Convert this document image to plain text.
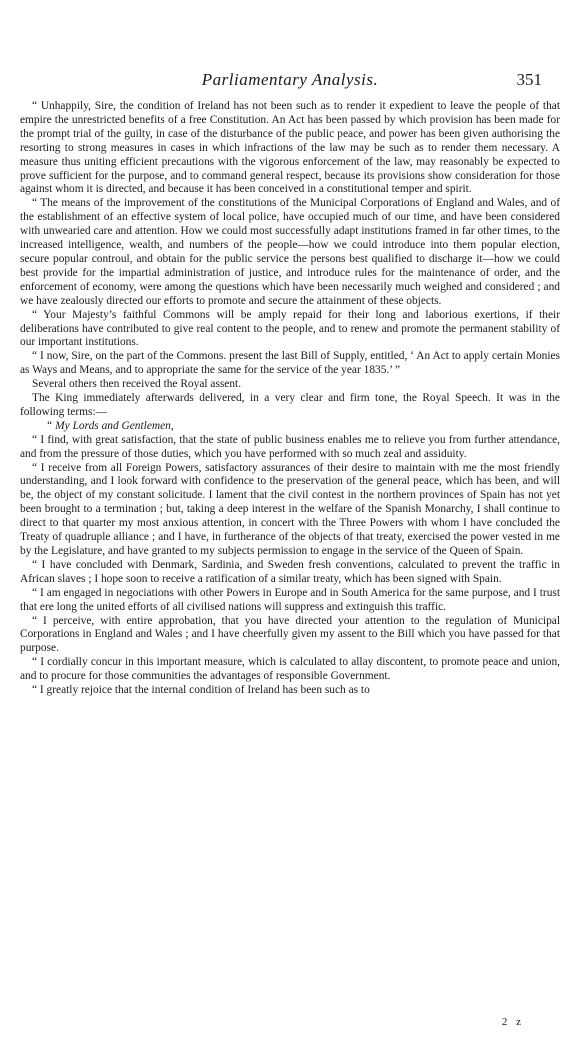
Parliamentary Analysis.	351

“ Unhappily, Sire, the condition of Ireland has not been such as to render it expedient to leave the people of that empire the unrestricted benefits of a free Constitution. An Act has been passed by which provision has been made for the prompt trial of the guilty, in case of the disturbance of the public peace, and power has been given authorising the resorting to strong measures in cases in which infractions of the law may be such as to render them necessary. A measure thus uniting efficient precautions with the vigorous enforcement of the law, may reasonably be expected to prove sufficient for the purpose, and to command general respect, because its provisions show consideration for those against whom it is directed, and because it has been conceived in a constitutional temper and spirit.

“ The means of the improvement of the constitutions of the Municipal Corporations of England and Wales, and of the establishment of an effective system of local police, have occupied much of our time, and have been considered with unwearied care and attention. How we could most successfully adapt institutions framed in far other times, to the increased intelligence, wealth, and numbers of the people—how we could introduce into them popular election, secure popular controul, and obtain for the public service the persons best qualified to discharge it—how we could best provide for the impartial administration of justice, and introduce rules for the maintenance of order, and the enforcement of economy, were among the questions which have been necessarily much weighed and considered ; and we have zealously directed our efforts to promote and secure the attainment of these objects.

“ Your Majesty’s faithful Commons will be amply repaid for their long and laborious exertions, if their deliberations have contributed to give real content to the people, and to renew and promote the permanent stability of our important institutions.

“ I now, Sire, on the part of the Commons. present the last Bill of Supply, entitled, ‘ An Act to apply certain Monies as Ways and Means, and to appropriate the same for the service of the year 1835.’ ”

Several others then received the Royal assent.

The King immediately afterwards delivered, in a very clear and firm tone, the Royal Speech. It was in the following terms:—

“ My Lords and Gentlemen,

“ I find, with great satisfaction, that the state of public business enables me to relieve you from further attendance, and from the pressure of those duties, which you have performed with so much zeal and assiduity.

“ I receive from all Foreign Powers, satisfactory assurances of their desire to maintain with me the most friendly understanding, and I look forward with confidence to the preservation of the general peace, which has been, and will be, the object of my constant solicitude. I lament that the civil contest in the northern provinces of Spain has not yet been brought to a termination ; but, taking a deep interest in the welfare of the Spanish Monarchy, I shall continue to direct to that quarter my most anxious attention, in concert with the Three Powers with whom I have concluded the Treaty of quadruple alliance ; and I have, in furtherance of the objects of that treaty, exercised the power vested in me by the Legislature, and have granted to my subjects permission to engage in the service of the Queen of Spain.

“ I have concluded with Denmark, Sardinia, and Sweden fresh conventions, calculated to prevent the traffic in African slaves ; I hope soon to receive a ratification of a similar treaty, which has been signed with Spain.

“ I am engaged in negociations with other Powers in Europe and in South America for the same purpose, and I trust that ere long the united efforts of all civilised nations will suppress and extinguish this traffic.

“ I perceive, with entire approbation, that you have directed your attention to the regulation of Municipal Corporations in England and Wales ; and I have cheerfully given my assent to the Bill which you have passed for that purpose.

“ I cordially concur in this important measure, which is calculated to allay discontent, to promote peace and union, and to procure for those communities the advantages of responsible Government.

“ I greatly rejoice that the internal condition of Ireland has been such as to

2 z
